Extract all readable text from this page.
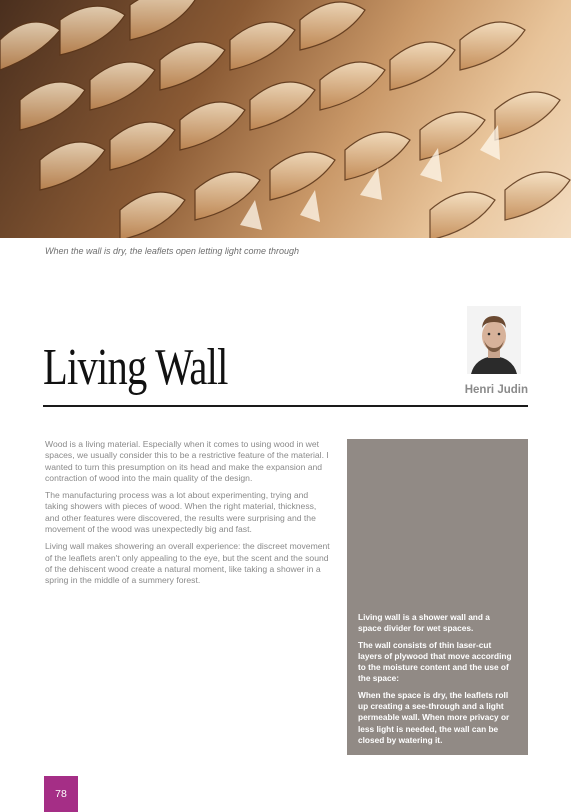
When the wall is dry, the leaflets open letting light come through
Living Wall	Henri Judin

Wood is a living material. Especially when it comes to using wood in wet spaces, we usually consider this to be a restrictive feature of the material. I wanted to turn this presumption on its head and make the expansion and contraction of wood into the main quality of the design.

The manufacturing process was a lot about experimenting, trying and taking showers with pieces of wood. When the right material, thickness, and other features were discovered, the results were surprising and the movement of the wood was unexpectedly big and fast.

Living wall makes showering an overall experience: the discreet movement of the leaflets aren't only appealing to the eye, but the scent and the sound of the dehiscent wood create a natural moment, like taking a shower in a spring in the middle of a summery forest.

Living wall is a shower wall and a space divider for wet spaces.

The wall consists of thin laser-cut layers of plywood that move according to the moisture content and the use of the space:

When the space is dry, the leaflets roll up creating a see-through and a light permeable wall. When more privacy or less light is needed, the wall can be closed by watering it.

78
